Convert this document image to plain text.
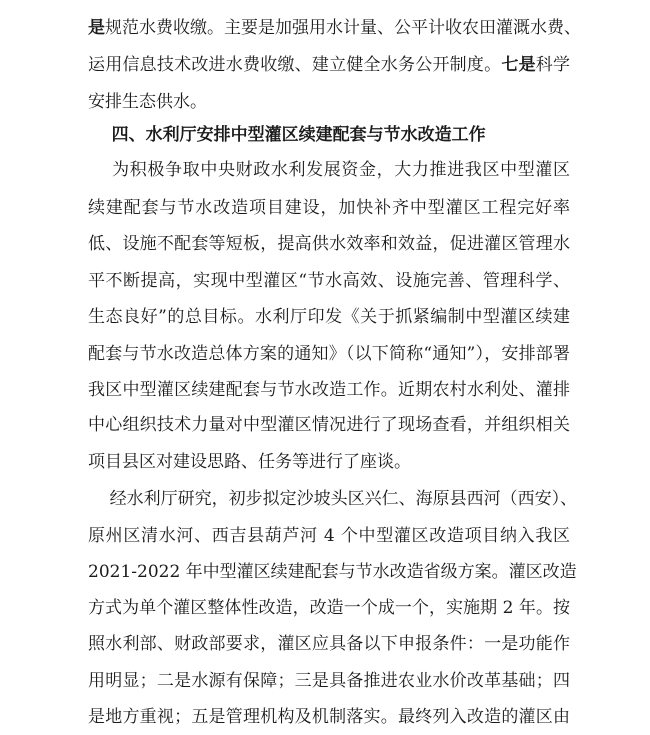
是规范水费收缴。主要是加强用水计量、公平计收农田灌溉水费、
运用信息技术改进水费收缴、建立健全水务公开制度。七是科学
安排生态供水。
四、水利厅安排中型灌区续建配套与节水改造工作
为积极争取中央财政水利发展资金，大力推进我区中型灌区
续建配套与节水改造项目建设，加快补齐中型灌区工程完好率
低、设施不配套等短板，提高供水效率和效益，促进灌区管理水
平不断提高，实现中型灌区“节水高效、设施完善、管理科学、
生态良好”的总目标。水利厅印发《关于抓紧编制中型灌区续建
配套与节水改造总体方案的通知》（以下简称“通知”），安排部署
我区中型灌区续建配套与节水改造工作。近期农村水利处、灌排
中心组织技术力量对中型灌区情况进行了现场查看，并组织相关
项目县区对建设思路、任务等进行了座谈。
经水利厅研究，初步拟定沙坡头区兴仁、海原县西河（西安）、
原州区清水河、西吉县葫芦河 4 个中型灌区改造项目纳入我区
2021-2022 年中型灌区续建配套与节水改造省级方案。灌区改造
方式为单个灌区整体性改造，改造一个成一个，实施期 2 年。按
照水利部、财政部要求，灌区应具备以下申报条件：一是功能作
用明显；二是水源有保障；三是具备推进农业水价改革基础；四
是地方重视；五是管理机构及机制落实。最终列入改造的灌区由
